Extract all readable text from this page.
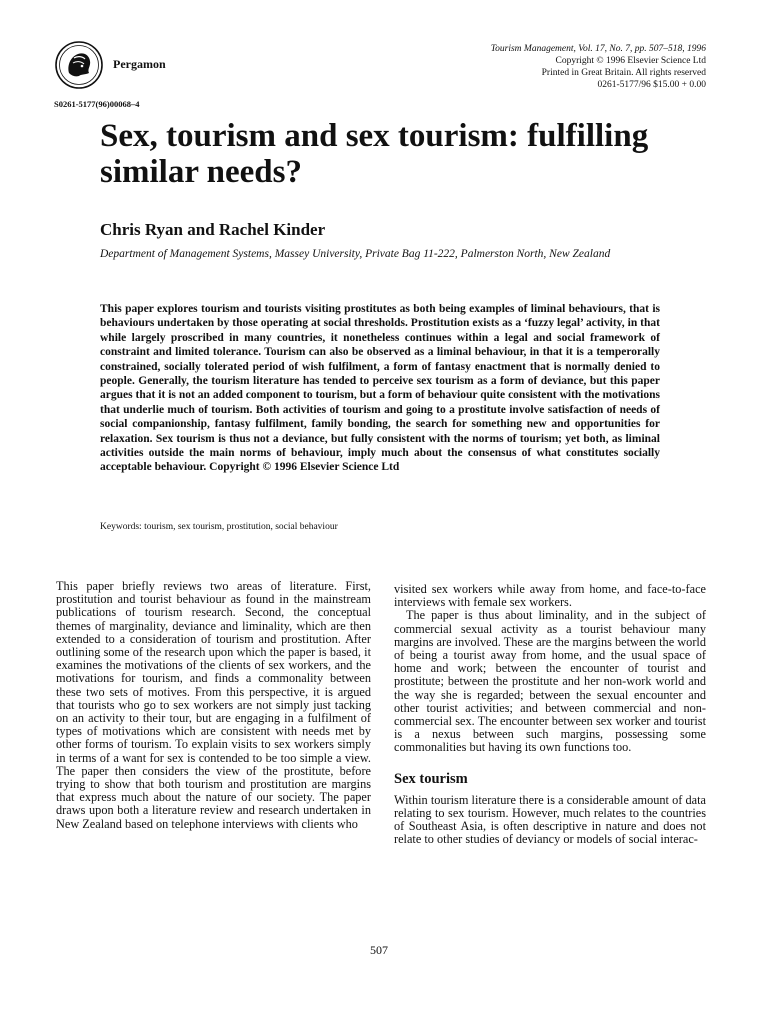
Pergamon
Tourism Management, Vol. 17, No. 7, pp. 507–518, 1996
Copyright © 1996 Elsevier Science Ltd
Printed in Great Britain. All rights reserved
0261-5177/96 $15.00 + 0.00
S0261-5177(96)00068–4
Sex, tourism and sex tourism: fulfilling similar needs?
Chris Ryan and Rachel Kinder
Department of Management Systems, Massey University, Private Bag 11-222, Palmerston North, New Zealand

This paper explores tourism and tourists visiting prostitutes as both being examples of liminal behaviours, that is behaviours undertaken by those operating at social thresholds. Prostitution exists as a ‘fuzzy legal’ activity, in that while largely proscribed in many countries, it nonetheless continues within a legal and social framework of constraint and limited tolerance. Tourism can also be observed as a liminal behaviour, in that it is a temperorally constrained, socially tolerated period of wish fulfilment, a form of fantasy enactment that is normally denied to people. Generally, the tourism literature has tended to perceive sex tourism as a form of deviance, but this paper argues that it is not an added component to tourism, but a form of behaviour quite consistent with the motivations that underlie much of tourism. Both activities of tourism and going to a prostitute involve satisfaction of needs of social companionship, fantasy fulfilment, family bonding, the search for something new and opportunities for relaxation. Sex tourism is thus not a deviance, but fully consistent with the norms of tourism; yet both, as liminal activities outside the main norms of behaviour, imply much about the consensus of what constitutes socially acceptable behaviour. Copyright © 1996 Elsevier Science Ltd

Keywords: tourism, sex tourism, prostitution, social behaviour

This paper briefly reviews two areas of literature. First, prostitution and tourist behaviour as found in the mainstream publications of tourism research. Second, the conceptual themes of marginality, deviance and liminality, which are then extended to a consideration of tourism and prostitution. After outlining some of the research upon which the paper is based, it examines the motivations of the clients of sex workers, and the motivations for tourism, and finds a commonality between these two sets of motives. From this perspective, it is argued that tourists who go to sex workers are not simply just tacking on an activity to their tour, but are engaging in a fulfilment of types of motivations which are consistent with needs met by other forms of tourism. To explain visits to sex workers simply in terms of a want for sex is contended to be too simple a view. The paper then considers the view of the prostitute, before trying to show that both tourism and prostitution are margins that express much about the nature of our society. The paper draws upon both a literature review and research undertaken in New Zealand based on telephone interviews with clients who

visited sex workers while away from home, and face-to-face interviews with female sex workers.

The paper is thus about liminality, and in the subject of commercial sexual activity as a tourist behaviour many margins are involved. These are the margins between the world of being a tourist away from home, and the usual space of home and work; between the encounter of tourist and prostitute; between the prostitute and her non-work world and the way she is regarded; between the sexual encounter and other tourist activities; and between commercial and non-commercial sex. The encounter between sex worker and tourist is a nexus between such margins, possessing some commonalities but having its own functions too.

Sex tourism

Within tourism literature there is a considerable amount of data relating to sex tourism. However, much relates to the countries of Southeast Asia, is often descriptive in nature and does not relate to other studies of deviancy or models of social interac-

507
